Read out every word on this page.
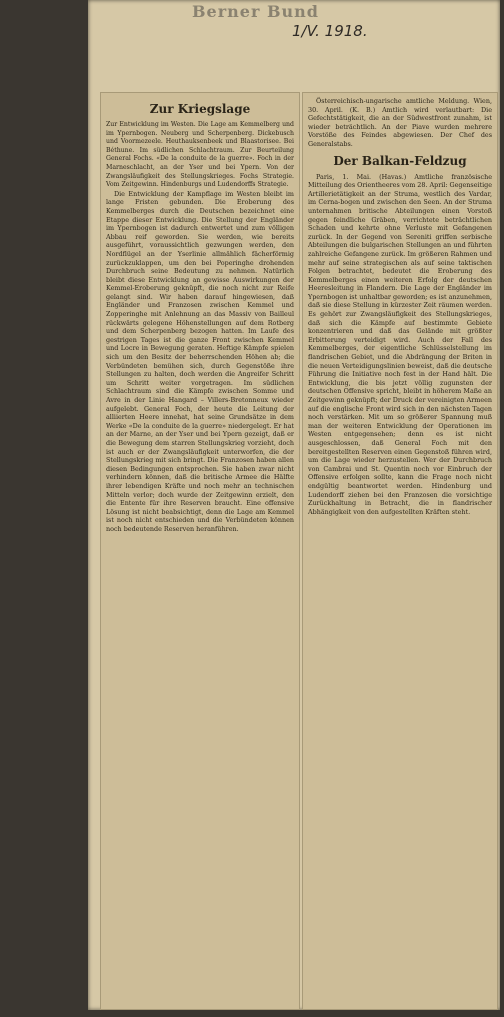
Berner Bund
1/V. 1918.
Zur Kriegslage
Zur Entwicklung im Westen. Die Lage am Kemmelberg und im Ypernbogen. Neuberg und Scherpenberg. Dickebusch und Voormezeele. Heuthauksenbeek und Blaastorisee. Bei Béthune. Im südlichen Schlachtraum. Zur Beurteilung General Fochs. «De la conduite de la guerre». Foch in der Marneschlacht, an der Yser und bei Ypern. Von der Zwangsläufigkeit des Stellungskrieges. Fochs Strategie. Vom Zeitgewinn. Hindenburgs und Ludendorffs Strategie.

Die Entwicklung der Kampflage im Westen bleibt im lange Fristen gebunden. Die Eroberung des Kemmelberges durch die Deutschen bezeichnet eine Etappe dieser Entwicklung. Die Stellung der Engländer im Ypernbogen ist dadurch entwertet und zum völligen Abbau reif geworden. Sie werden, wie bereits ausgeführt, voraussichtlich gezwungen werden, den Nordflügel an der Yserlinie allmählich fächerförmig zurückzuklappen, um den bei Poperinghe drohenden Durchbruch seine Bedeutung zu nehmen. Natürlich bleibt diese Entwicklung an gewisse Auswirkungen der Kemmel-Eroberung geknüpft, die noch nicht zur Reife gelangt sind. Wir haben darauf hingewiesen, daß Engländer und Franzosen zwischen Kemmel und Zopperinghe mit Anlehnung an das Massiv von Bailleul rückwärts gelegene Höhenstellungen auf dem Rotberg und dem Scherpenberg bezogen hatten. Im Laufe des gestrigen Tages ist die ganze Front zwischen Kemmel und Locre in Bewegung geraten. Heftige Kämpfe spielen sich um den Besitz der beherrschenden Höhen ab; die Verbündeten bemühen sich, durch Gegenstöße ihre Stellungen zu halten, doch werden die Angreifer Schritt um Schritt weiter vorgetragen. Im südlichen Schlachtraum sind die Kämpfe zwischen Somme und Avre in der Linie Hangard – Villers-Bretonneux wieder aufgelebt. General Foch, der heute die Leitung der alliierten Heere innehat, hat seine Grundsätze in dem Werke «De la conduite de la guerre» niedergelegt. Er hat an der Marne, an der Yser und bei Ypern gezeigt, daß er die Bewegung dem starren Stellungskrieg vorzieht, doch ist auch er der Zwangsläufigkeit unterworfen, die der Stellungskrieg mit sich bringt. Die Franzosen haben allen diesen Bedingungen entsprochen. Sie haben zwar nicht verhindern können, daß die britische Armee die Hälfte ihrer lebendigen Kräfte und noch mehr an technischen Mitteln verlor; doch wurde der Zeitgewinn erzielt, den die Entente für ihre Reserven braucht. Eine offensive Lösung ist nicht beabsichtigt, denn die Lage am Kemmel ist noch nicht entschieden und die Verbündeten können noch bedeutende Reserven heranführen.

Österreichisch-ungarische amtliche Meldung. Wien, 30. April. (K. B.) Amtlich wird verlautbart: Die Gefechtstätigkeit, die an der Südwestfront zunahm, ist wieder beträchtlich. An der Piave wurden mehrere Vorstöße des Feindes abgewiesen. Der Chef des Generalstabs.

Der Balkan-Feldzug

Paris, 1. Mai. (Havas.) Amtliche französische Mitteilung des Orientheeres vom 28. April: Gegenseitige Artillerietätigkeit an der Struma, westlich des Vardar, im Cerna-bogen und zwischen den Seen. An der Struma unternahmen britische Abteilungen einen Vorstoß gegen feindliche Gräben, verrichtete beträchtlichen Schaden und kehrte ohne Verluste mit Gefangenen zurück. In der Gegend von Sereniti griffen serbische Abteilungen die bulgarischen Stellungen an und führten zahlreiche Gefangene zurück. Im größeren Rahmen und mehr auf seine strategischen als auf seine taktischen Folgen betrachtet, bedeutet die Eroberung des Kemmelberges einen weiteren Erfolg der deutschen Heeresleitung in Flandern. Die Lage der Engländer im Ypernbogen ist unhaltbar geworden; es ist anzunehmen, daß sie diese Stellung in kürzester Zeit räumen werden. Es gehört zur Zwangsläufigkeit des Stellungskrieges, daß sich die Kämpfe auf bestimmte Gebiete konzentrieren und daß das Gelände mit größter Erbitterung verteidigt wird. Auch der Fall des Kemmelberges, der eigentliche Schlüsselstellung im flandrischen Gebiet, und die Abdrängung der Briten in die neuen Verteidigungslinien beweist, daß die deutsche Führung die Initiative noch fest in der Hand hält. Die Entwicklung, die bis jetzt völlig zugunsten der deutschen Offensive spricht, bleibt in höherem Maße an Zeitgewinn geknüpft; der Druck der vereinigten Armeen auf die englische Front wird sich in den nächsten Tagen noch verstärken. Mit um so größerer Spannung muß man der weiteren Entwicklung der Operationen im Westen entgegensehen; denn es ist nicht ausgeschlossen, daß General Foch mit den bereitgestellten Reserven einen Gegenstoß führen wird, um die Lage wieder herzustellen. Wer der Durchbruch von Cambrai und St. Quentin noch vor Einbruch der Offensive erfolgen sollte, kann die Frage noch nicht endgültig beantwortet werden. Hindenburg und Ludendorff ziehen bei den Franzosen die vorsichtige Zurückhaltung in Betracht, die in flandrischer Abhängigkeit von den aufgestellten Kräften steht.
